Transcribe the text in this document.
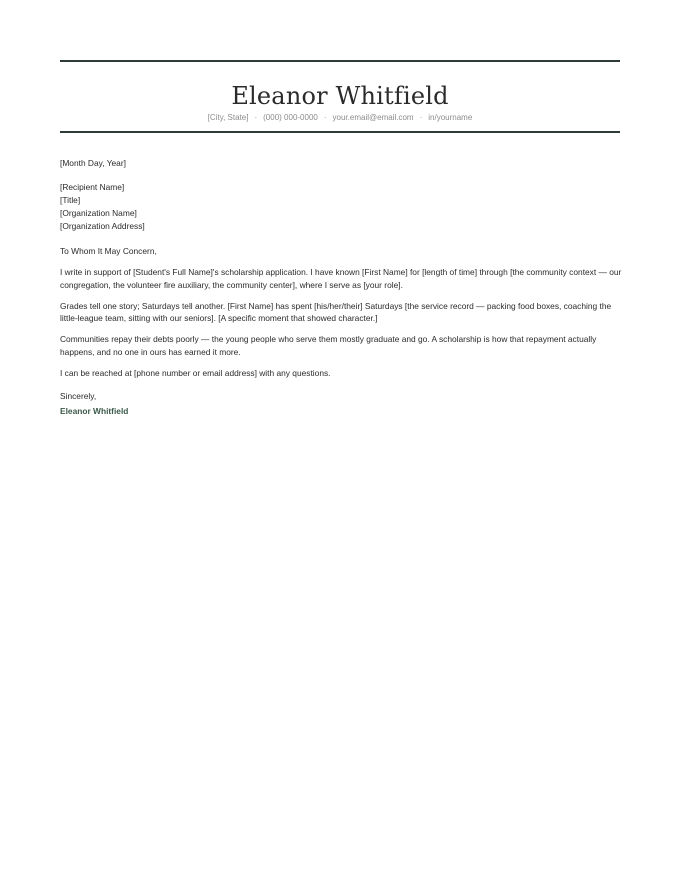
Eleanor Whitfield
[City, State] · (000) 000-0000 · your.email@email.com · in/yourname

[Month Day, Year]

[Recipient Name]
[Title]
[Organization Name]
[Organization Address]

To Whom It May Concern,

I write in support of [Student's Full Name]'s scholarship application. I have known [First Name] for [length of time] through [the community context — our congregation, the volunteer fire auxiliary, the community center], where I serve as [your role].

Grades tell one story; Saturdays tell another. [First Name] has spent [his/her/their] Saturdays [the service record — packing food boxes, coaching the little-league team, sitting with our seniors]. [A specific moment that showed character.]

Communities repay their debts poorly — the young people who serve them mostly graduate and go. A scholarship is how that repayment actually happens, and no one in ours has earned it more.

I can be reached at [phone number or email address] with any questions.

Sincerely,

Eleanor Whitfield
